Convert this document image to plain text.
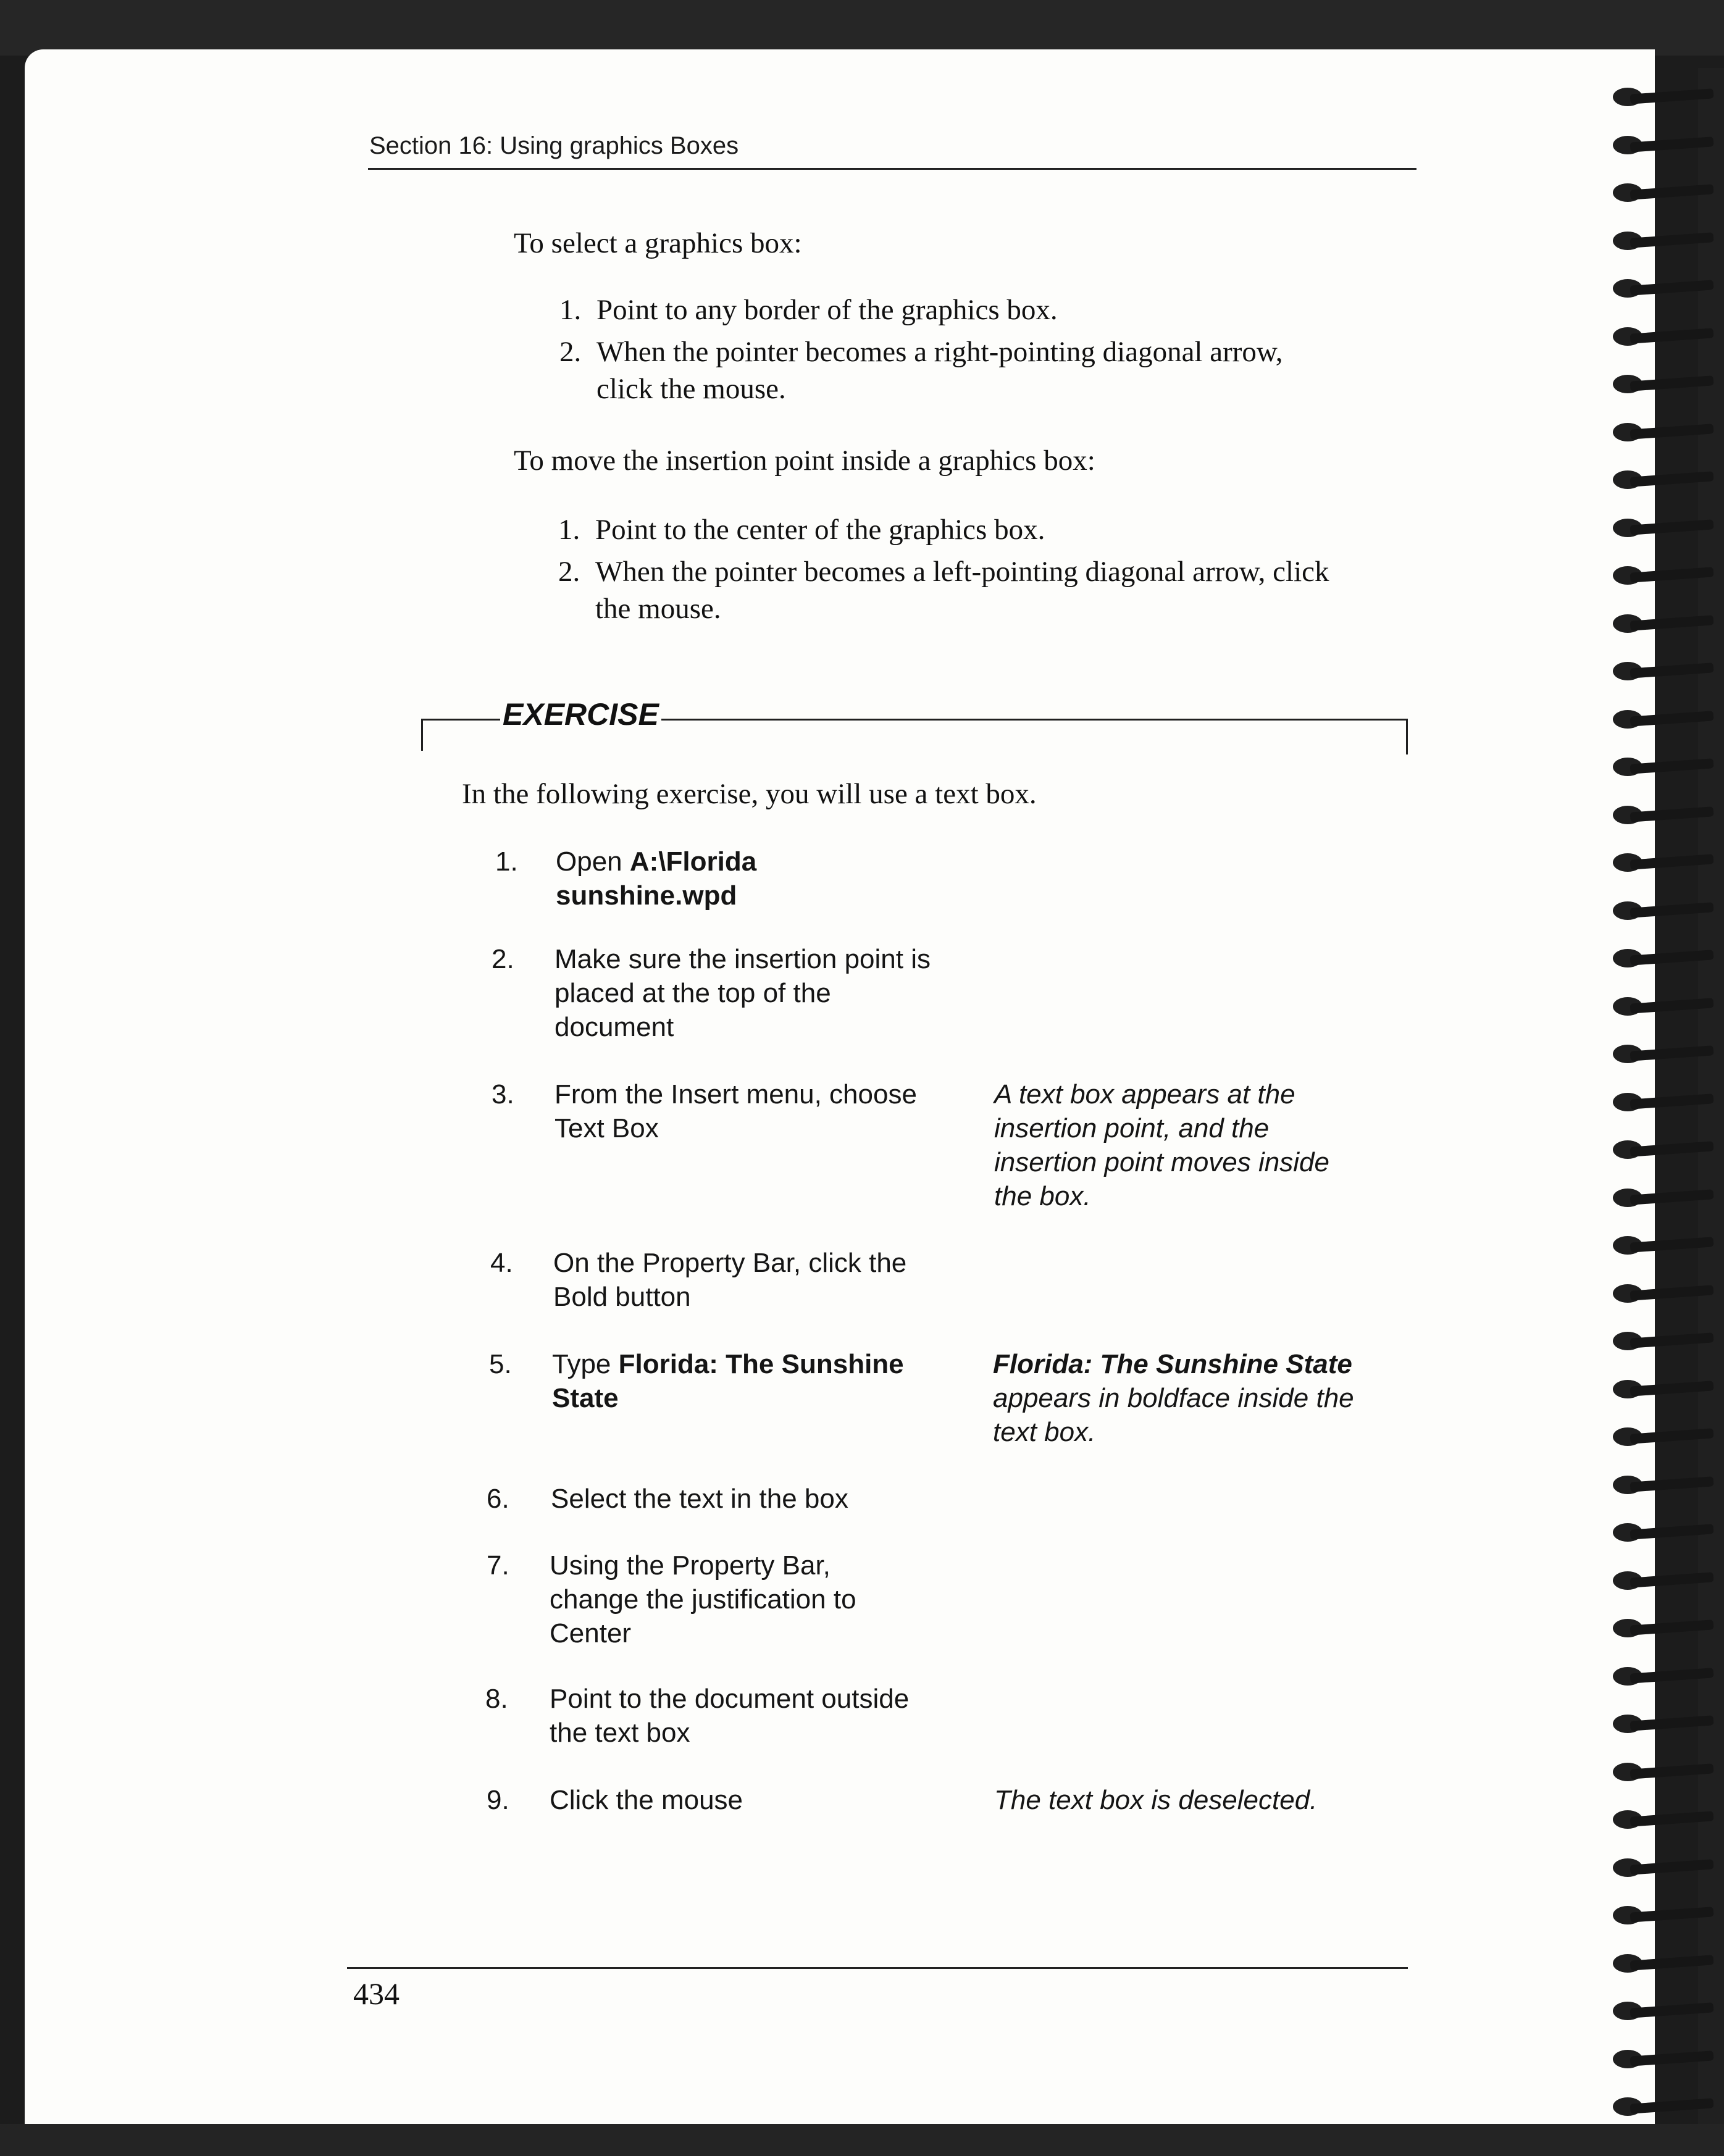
Section 16: Using graphics Boxes
To select a graphics box:
1. Point to any border of the graphics box.
2. When the pointer becomes a right-pointing diagonal arrow,
click the mouse.
To move the insertion point inside a graphics box:
1. Point to the center of the graphics box.
2. When the pointer becomes a left-pointing diagonal arrow, click
the mouse.
EXERCISE
In the following exercise, you will use a text box.
1. Open A:\Florida
sunshine.wpd
2. Make sure the insertion point is
placed at the top of the
document
3. From the Insert menu, choose
Text Box
A text box appears at the
insertion point, and the
insertion point moves inside
the box.
4. On the Property Bar, click the
Bold button
5. Type Florida: The Sunshine
State
Florida: The Sunshine State
appears in boldface inside the
text box.
6. Select the text in the box
7. Using the Property Bar,
change the justification to
Center
8. Point to the document outside
the text box
9. Click the mouse	The text box is deselected.
434
